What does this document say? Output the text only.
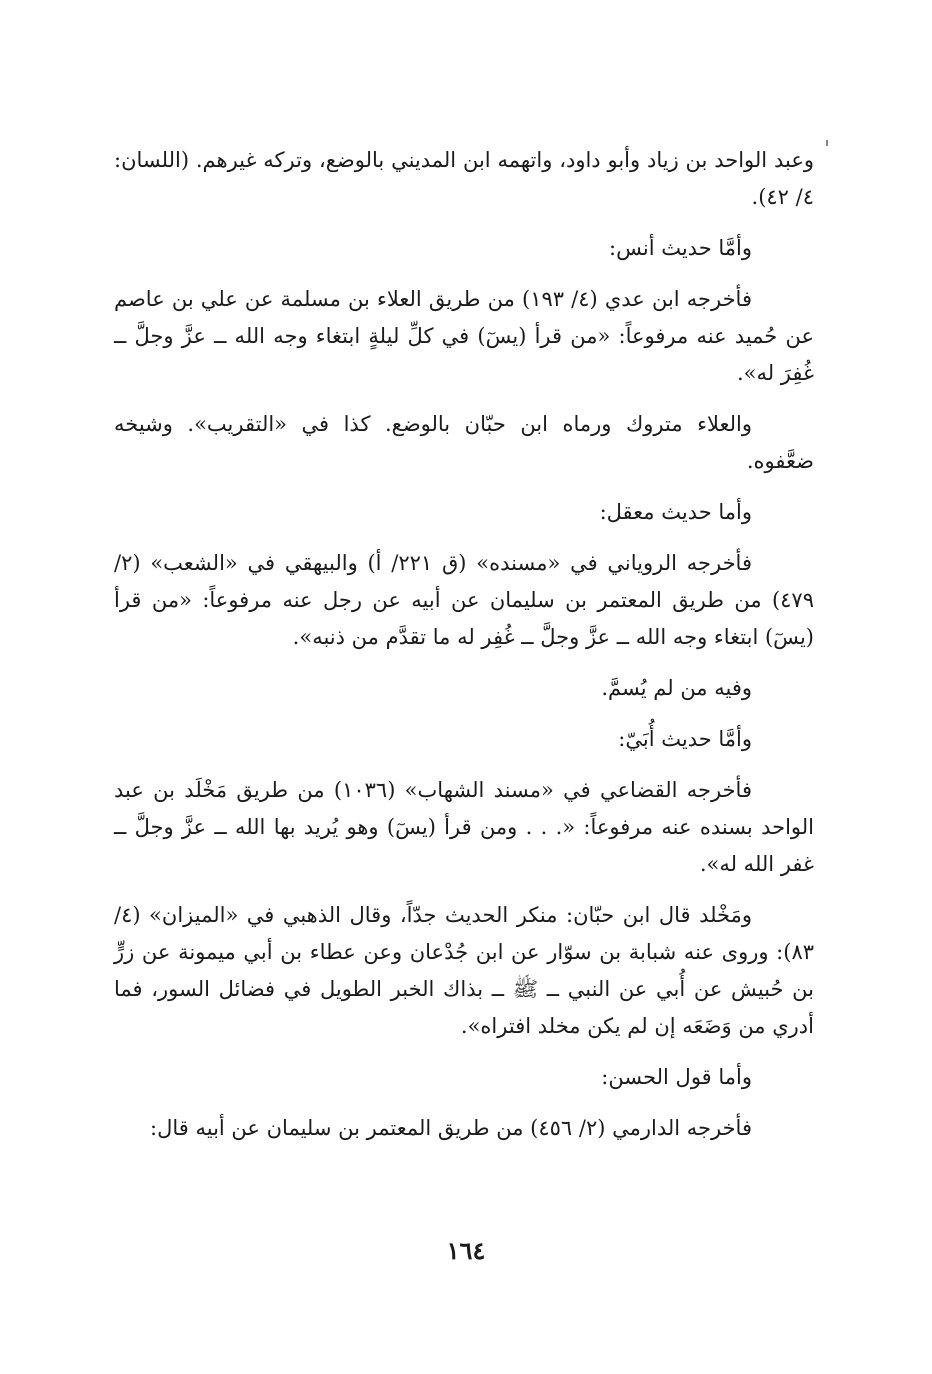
وعبد الواحد بن زياد وأبو داود، واتهمه ابن المديني بالوضع، وتركه غيرهم. (اللسان: ٤/ ٤٢).

وأمَّا حديث أنس:

فأخرجه ابن عدي (٤/ ١٩٣) من طريق العلاء بن مسلمة عن علي بن عاصم عن حُميد عنه مرفوعاً: «من قرأ (يسٓ) في كلِّ ليلةٍ ابتغاء وجه الله ــ عزَّ وجلَّ ــ غُفِرَ له».

والعلاء متروك ورماه ابن حبّان بالوضع. كذا في «التقريب». وشيخه ضعَّفوه.

وأما حديث معقل:

فأخرجه الروياني في «مسنده» (ق ٢٢١/ أ) والبيهقي في «الشعب» (٢/ ٤٧٩) من طريق المعتمر بن سليمان عن أبيه عن رجل عنه مرفوعاً: «من قرأ (يسٓ) ابتغاء وجه الله ــ عزَّ وجلَّ ــ غُفِر له ما تقدَّم من ذنبه».

وفيه من لم يُسمَّ.

وأمَّا حديث أُبَيّ:

فأخرجه القضاعي في «مسند الشهاب» (١٠٣٦) من طريق مَخْلَد بن عبد الواحد بسنده عنه مرفوعاً: «. . . ومن قرأ (يسٓ) وهو يُريد بها الله ــ عزَّ وجلَّ ــ غفر الله له».

ومَخْلد قال ابن حبّان: منكر الحديث جدّاً، وقال الذهبي في «الميزان» (٤/ ٨٣): وروى عنه شبابة بن سوّار عن ابن جُدْعان وعن عطاء بن أبي ميمونة عن زرٍّ بن حُبيش عن أُبي عن النبي ــ ﷺ ــ بذاك الخبر الطويل في فضائل السور، فما أدري من وَضَعَه إن لم يكن مخلد افتراه».

وأما قول الحسن:

فأخرجه الدارمي (٢/ ٤٥٦) من طريق المعتمر بن سليمان عن أبيه قال:

١٦٤
